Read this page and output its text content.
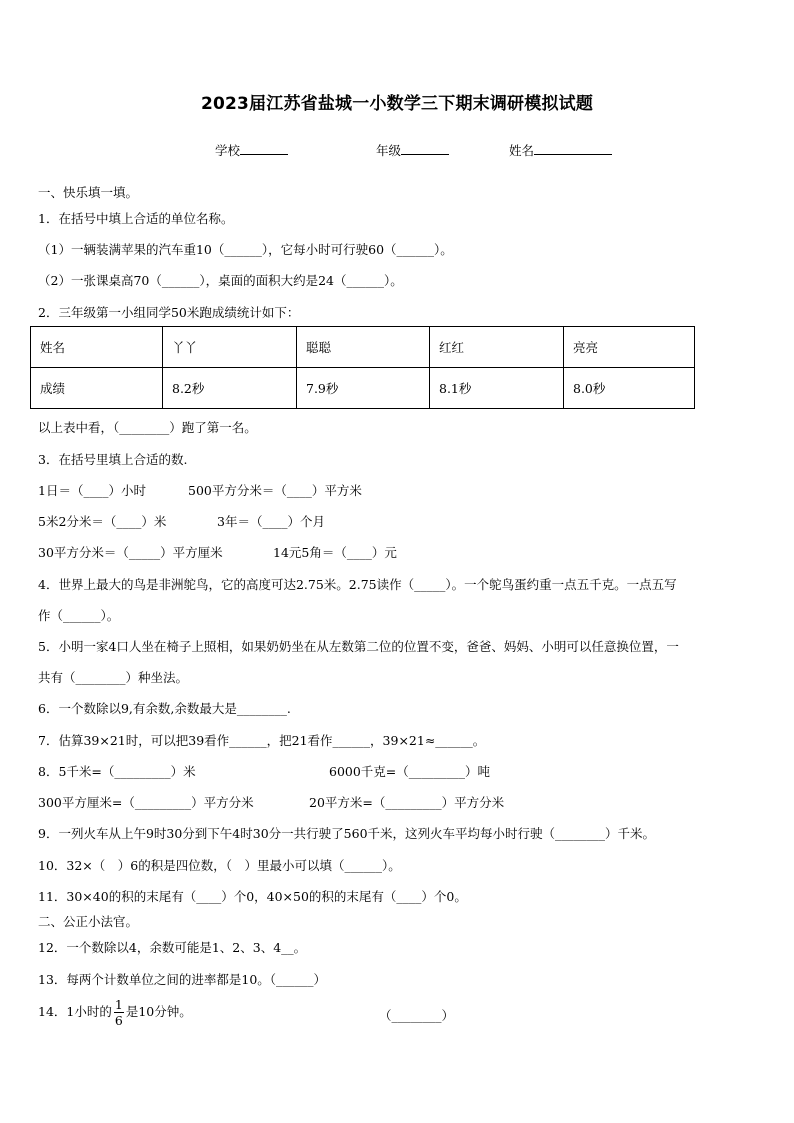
2023届江苏省盐城一小数学三下期末调研模拟试题
学校	年级	姓名
一、快乐填一填。
1．在括号中填上合适的单位名称。
（1）一辆装满苹果的汽车重10（______），它每小时可行驶60（______）。
（2）一张课桌高70（______），桌面的面积大约是24（______）。
2．三年级第一小组同学50米跑成绩统计如下：
姓名	丫丫	聪聪	红红	亮亮
成绩	8.2秒	7.9秒	8.1秒	8.0秒
以上表中看，（________）跑了第一名。
3．在括号里填上合适的数.
1日＝（____）小时	500平方分米＝（____）平方米
5米2分米＝（____）米	3年＝（____）个月
30平方分米＝（_____）平方厘米	14元5角＝（____）元
4．世界上最大的鸟是非洲鸵鸟，它的高度可达2.75米。2.75读作（_____）。一个鸵鸟蛋约重一点五千克。一点五写
作（______）。
5．小明一家4口人坐在椅子上照相，如果奶奶坐在从左数第二位的位置不变，爸爸、妈妈、小明可以任意换位置，一
共有（________）种坐法。
6．一个数除以9,有余数,余数最大是________.
7．估算39×21时，可以把39看作______，把21看作______，39×21≈______。
8．5千米=（_________）米	6000千克=（_________）吨
300平方厘米=（_________）平方分米	20平方米=（_________）平方分米
9．一列火车从上午9时30分到下午4时30分一共行驶了560千米，这列火车平均每小时行驶（________）千米。
10．32×（　）6的积是四位数，（　）里最小可以填（______）。
11．30×40的积的末尾有（____）个0，40×50的积的末尾有（____）个0。
二、公正小法官。
12．一个数除以4，余数可能是1、2、3、4__。
13．每两个计数单位之间的进率都是10。（______）
14．1小时的 $\frac{1}{6}$ 是10分钟。	（________）
